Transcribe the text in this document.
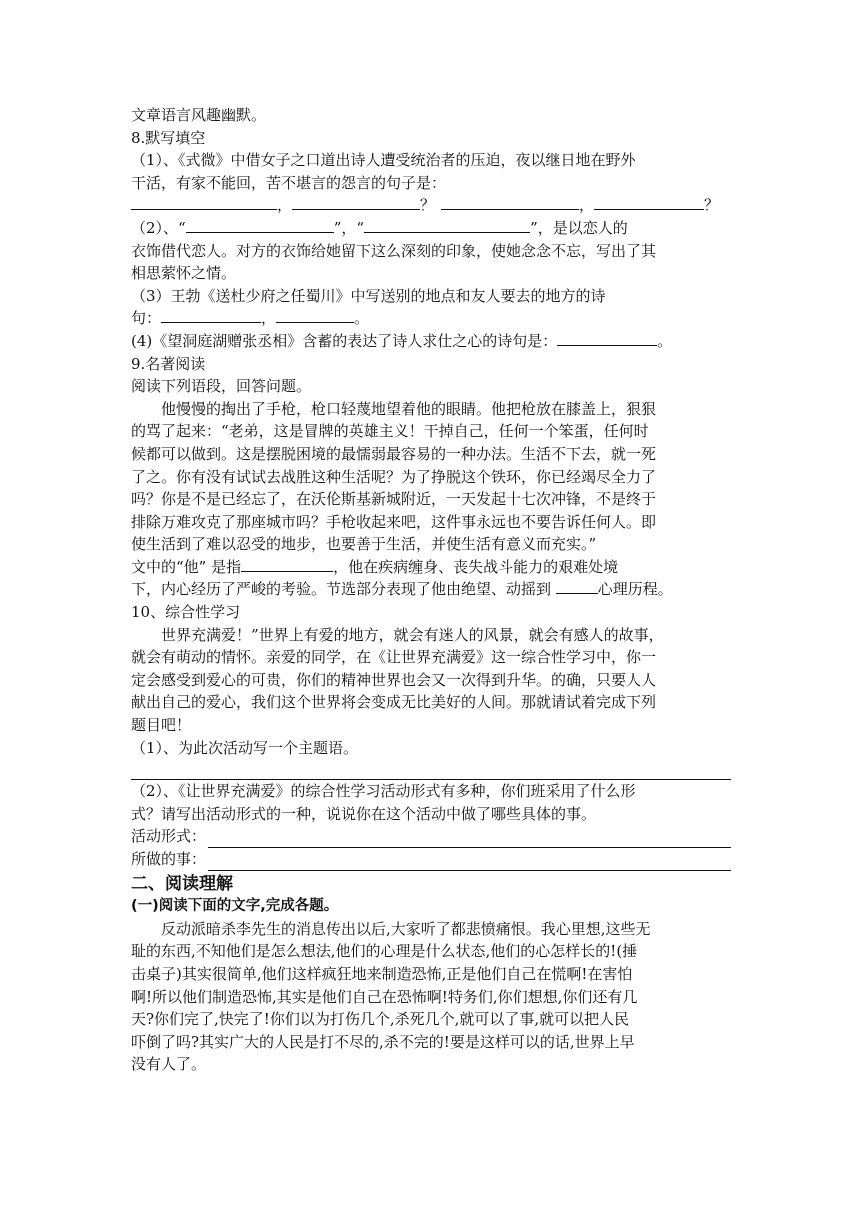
文章语言风趣幽默。
8.默写填空
（1）、《式微》中借女子之口道出诗人遭受统治者的压迫，夜以继日地在野外
干活，有家不能回，苦不堪言的怨言的句子是：
，	？	，	？
（2）、“	”，“	”，是以恋人的
衣饰借代恋人。对方的衣饰给她留下这么深刻的印象，使她念念不忘，写出了其
相思萦怀之情。
（3）王勃《送杜少府之任蜀川》中写送别的地点和友人要去的地方的诗
句：	，	。
(4)《望洞庭湖赠张丞相》含蓄的表达了诗人求仕之心的诗句是：	。
9.名著阅读
阅读下列语段，回答问题。
他慢慢的掏出了手枪，枪口轻蔑地望着他的眼睛。他把枪放在膝盖上，狠狠
的骂了起来：“老弟，这是冒牌的英雄主义！干掉自己，任何一个笨蛋，任何时
候都可以做到。这是摆脱困境的最懦弱最容易的一种办法。生活不下去，就一死
了之。你有没有试试去战胜这种生活呢？为了挣脱这个铁环，你已经竭尽全力了
吗？你是不是已经忘了，在沃伦斯基新城附近，一天发起十七次冲锋，不是终于
排除万难攻克了那座城市吗？手枪收起来吧，这件事永远也不要告诉任何人。即
使生活到了难以忍受的地步，也要善于生活，并使生活有意义而充实。”
文中的“他” 是指	，他在疾病缠身、丧失战斗能力的艰难处境
下，内心经历了严峻的考验。节选部分表现了他由绝望、动摇到	心理历程。
10、综合性学习
世界充满爱！”世界上有爱的地方，就会有迷人的风景，就会有感人的故事，
就会有萌动的情怀。亲爱的同学，在《让世界充满爱》这一综合性学习中，你一
定会感受到爱心的可贵，你们的精神世界也会又一次得到升华。的确，只要人人
献出自己的爱心，我们这个世界将会变成无比美好的人间。那就请试着完成下列
题目吧！
（1）、为此次活动写一个主题语。
（2）、《让世界充满爱》的综合性学习活动形式有多种，你们班采用了什么形
式？请写出活动形式的一种，说说你在这个活动中做了哪些具体的事。
活动形式：
所做的事：
二、阅读理解
(一)阅读下面的文字,完成各题。
反动派暗杀李先生的消息传出以后,大家听了都悲愤痛恨。我心里想,这些无
耻的东西,不知他们是怎么想法,他们的心理是什么状态,他们的心怎样长的!(捶
击桌子)其实很简单,他们这样疯狂地来制造恐怖,正是他们自己在慌啊!在害怕
啊!所以他们制造恐怖,其实是他们自己在恐怖啊!特务们,你们想想,你们还有几
天?你们完了,快完了!你们以为打伤几个,杀死几个,就可以了事,就可以把人民
吓倒了吗?其实广大的人民是打不尽的,杀不完的!要是这样可以的话,世界上早
没有人了。
